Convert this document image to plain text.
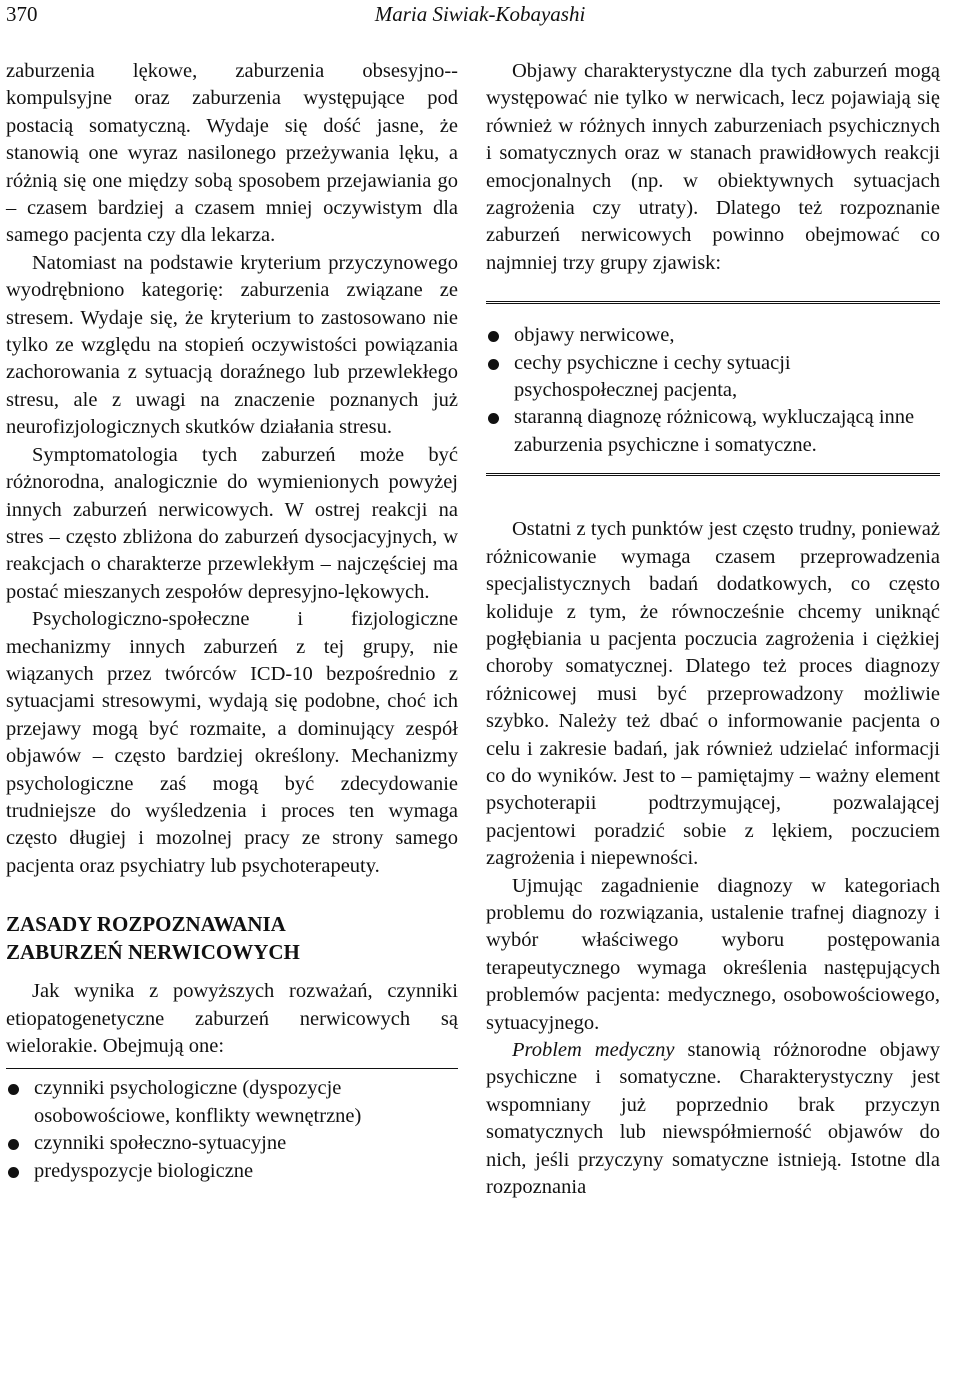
370	Maria Siwiak-Kobayashi

zaburzenia lękowe, zaburzenia obsesyjno--kompulsyjne oraz zaburzenia występujące pod postacią somatyczną. Wydaje się dość jasne, że stanowią one wyraz nasilonego przeżywania lęku, a różnią się one między sobą sposobem przejawiania go – czasem bardziej a czasem mniej oczywistym dla samego pacjenta czy dla lekarza.

Natomiast na podstawie kryterium przyczynowego wyodrębniono kategorię: zaburzenia związane ze stresem. Wydaje się, że kryterium to zastosowano nie tylko ze względu na stopień oczywistości powiązania zachorowania z sytuacją doraźnego lub przewlekłego stresu, ale z uwagi na znaczenie poznanych już neurofizjologicznych skutków działania stresu.

Symptomatologia tych zaburzeń może być różnorodna, analogicznie do wymienionych powyżej innych zaburzeń nerwicowych. W ostrej reakcji na stres – często zbliżona do zaburzeń dysocjacyjnych, w reakcjach o charakterze przewlekłym – najczęściej ma postać mieszanych zespołów depresyjno-lękowych.

Psychologiczno-społeczne i fizjologiczne mechanizmy innych zaburzeń z tej grupy, nie wiązanych przez twórców ICD-10 bezpośrednio z sytuacjami stresowymi, wydają się podobne, choć ich przejawy mogą być rozmaite, a dominujący zespół objawów – często bardziej określony. Mechanizmy psychologiczne zaś mogą być zdecydowanie trudniejsze do wyśledzenia i proces ten wymaga często długiej i mozolnej pracy ze strony samego pacjenta oraz psychiatry lub psychoterapeuty.

ZASADY ROZPOZNAWANIA
ZABURZEŃ NERWICOWYCH

Jak wynika z powyższych rozważań, czynniki etiopatogenetyczne zaburzeń nerwicowych są wielorakie. Obejmują one:

czynniki psychologiczne (dyspozycje osobowościowe, konflikty wewnętrzne)
czynniki społeczno-sytuacyjne
predyspozycje biologiczne

Objawy charakterystyczne dla tych zaburzeń mogą występować nie tylko w nerwicach, lecz pojawiają się również w różnych innych zaburzeniach psychicznych i somatycznych oraz w stanach prawidłowych reakcji emocjonalnych (np. w obiektywnych sytuacjach zagrożenia czy utraty). Dlatego też rozpoznanie zaburzeń nerwicowych powinno obejmować co najmniej trzy grupy zjawisk:

objawy nerwicowe,
cechy psychiczne i cechy sytuacji psychospołecznej pacjenta,
staranną diagnozę różnicową, wykluczającą inne zaburzenia psychiczne i somatyczne.

Ostatni z tych punktów jest często trudny, ponieważ różnicowanie wymaga czasem przeprowadzenia specjalistycznych badań dodatkowych, co często koliduje z tym, że równocześnie chcemy uniknąć pogłębiania u pacjenta poczucia zagrożenia i ciężkiej choroby somatycznej. Dlatego też proces diagnozy różnicowej musi być przeprowadzony możliwie szybko. Należy też dbać o informowanie pacjenta o celu i zakresie badań, jak również udzielać informacji co do wyników. Jest to – pamiętajmy – ważny element psychoterapii podtrzymującej, pozwalającej pacjentowi poradzić sobie z lękiem, poczuciem zagrożenia i niepewności.

Ujmując zagadnienie diagnozy w kategoriach problemu do rozwiązania, ustalenie trafnej diagnozy i wybór właściwego wyboru postępowania terapeutycznego wymaga określenia następujących problemów pacjenta: medycznego, osobowościowego, sytuacyjnego.

Problem medyczny stanowią różnorodne objawy psychiczne i somatyczne. Charakterystyczny jest wspomniany już poprzednio brak przyczyn somatycznych lub niewspółmierność objawów do nich, jeśli przyczyny somatyczne istnieją. Istotne dla rozpoznania
